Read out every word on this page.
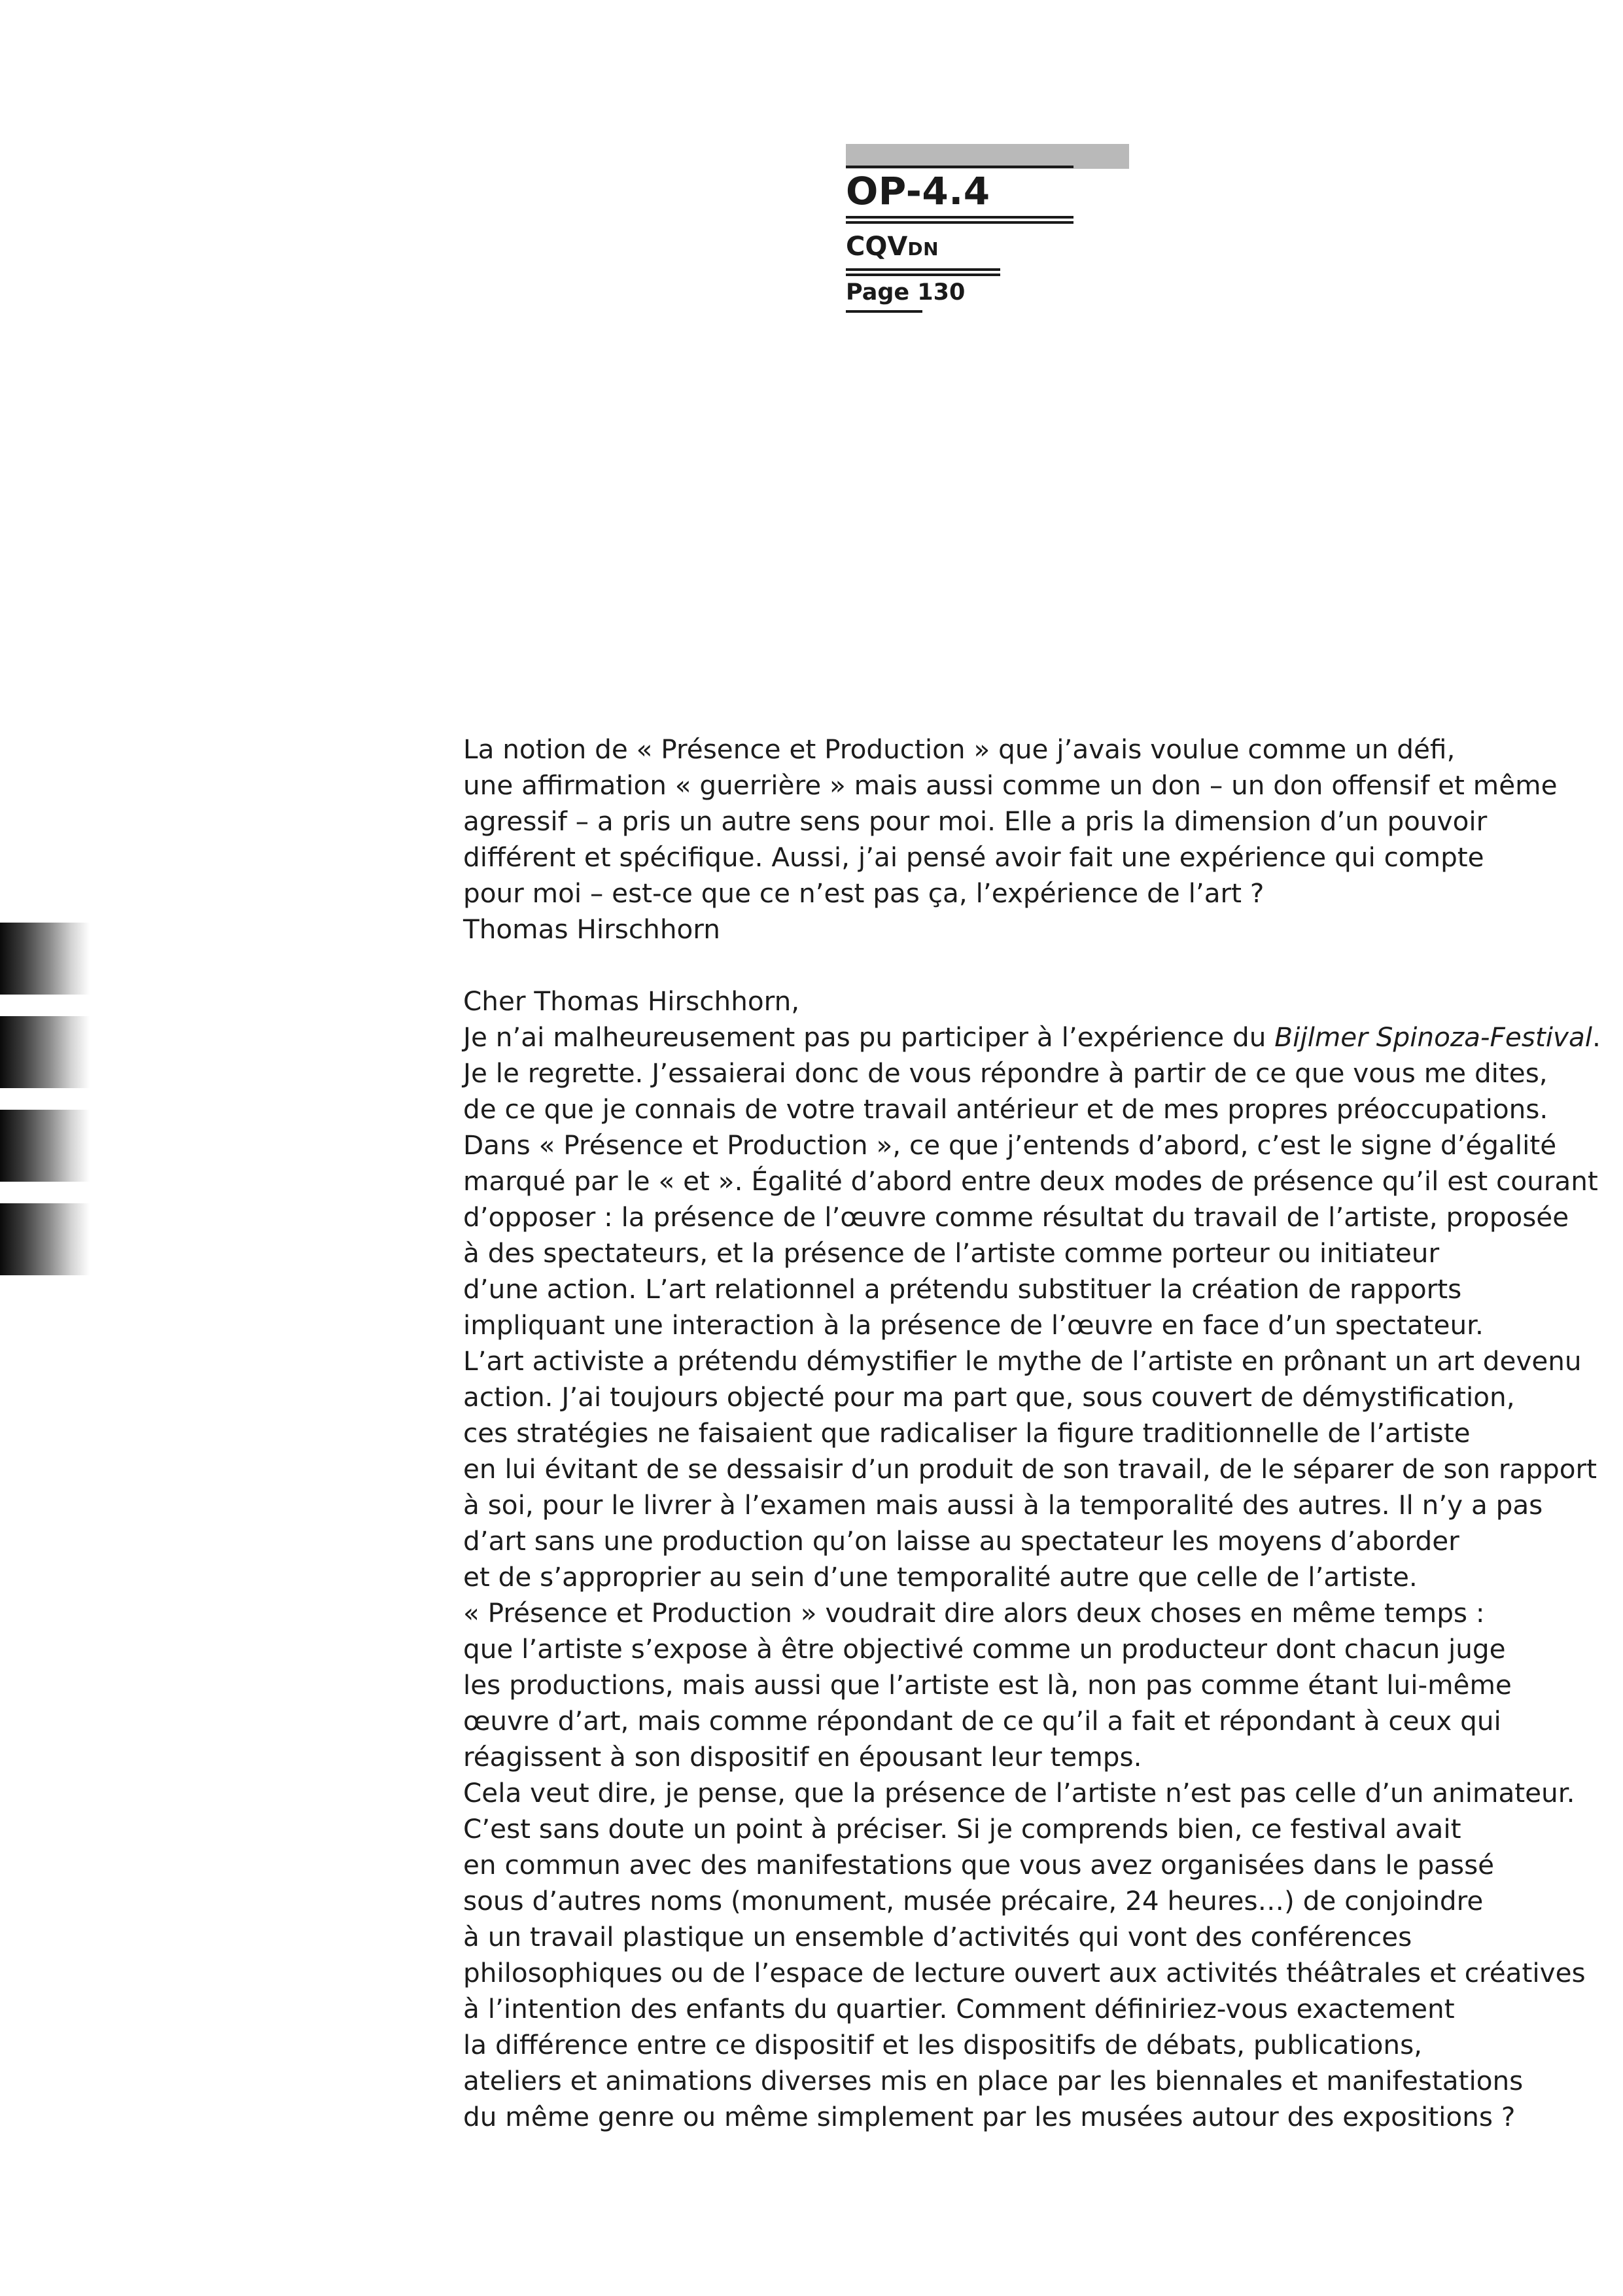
OP-4.4
CQVDN
Page 130
La notion de « Présence et Production » que j’avais voulue comme un défi,
une affirmation « guerrière » mais aussi comme un don – un don offensif et même
agressif – a pris un autre sens pour moi. Elle a pris la dimension d’un pouvoir
différent et spécifique. Aussi, j’ai pensé avoir fait une expérience qui compte
pour moi – est-ce que ce n’est pas ça, l’expérience de l’art ?
Thomas Hirschhorn
Cher Thomas Hirschhorn,
Je n’ai malheureusement pas pu participer à l’expérience du Bijlmer Spinoza-Festival.
Je le regrette. J’essaierai donc de vous répondre à partir de ce que vous me dites,
de ce que je connais de votre travail antérieur et de mes propres préoccupations.
Dans « Présence et Production », ce que j’entends d’abord, c’est le signe d’égalité
marqué par le « et ». Égalité d’abord entre deux modes de présence qu’il est courant
d’opposer : la présence de l’œuvre comme résultat du travail de l’artiste, proposée
à des spectateurs, et la présence de l’artiste comme porteur ou initiateur
d’une action. L’art relationnel a prétendu substituer la création de rapports
impliquant une interaction à la présence de l’œuvre en face d’un spectateur.
L’art activiste a prétendu démystifier le mythe de l’artiste en prônant un art devenu
action. J’ai toujours objecté pour ma part que, sous couvert de démystification,
ces stratégies ne faisaient que radicaliser la figure traditionnelle de l’artiste
en lui évitant de se dessaisir d’un produit de son travail, de le séparer de son rapport
à soi, pour le livrer à l’examen mais aussi à la temporalité des autres. Il n’y a pas
d’art sans une production qu’on laisse au spectateur les moyens d’aborder
et de s’approprier au sein d’une temporalité autre que celle de l’artiste.
« Présence et Production » voudrait dire alors deux choses en même temps :
que l’artiste s’expose à être objectivé comme un producteur dont chacun juge
les productions, mais aussi que l’artiste est là, non pas comme étant lui-même
œuvre d’art, mais comme répondant de ce qu’il a fait et répondant à ceux qui
réagissent à son dispositif en épousant leur temps.
Cela veut dire, je pense, que la présence de l’artiste n’est pas celle d’un animateur.
C’est sans doute un point à préciser. Si je comprends bien, ce festival avait
en commun avec des manifestations que vous avez organisées dans le passé
sous d’autres noms (monument, musée précaire, 24 heures…) de conjoindre
à un travail plastique un ensemble d’activités qui vont des conférences
philosophiques ou de l’espace de lecture ouvert aux activités théâtrales et créatives
à l’intention des enfants du quartier. Comment définiriez-vous exactement
la différence entre ce dispositif et les dispositifs de débats, publications,
ateliers et animations diverses mis en place par les biennales et manifestations
du même genre ou même simplement par les musées autour des expositions ?
